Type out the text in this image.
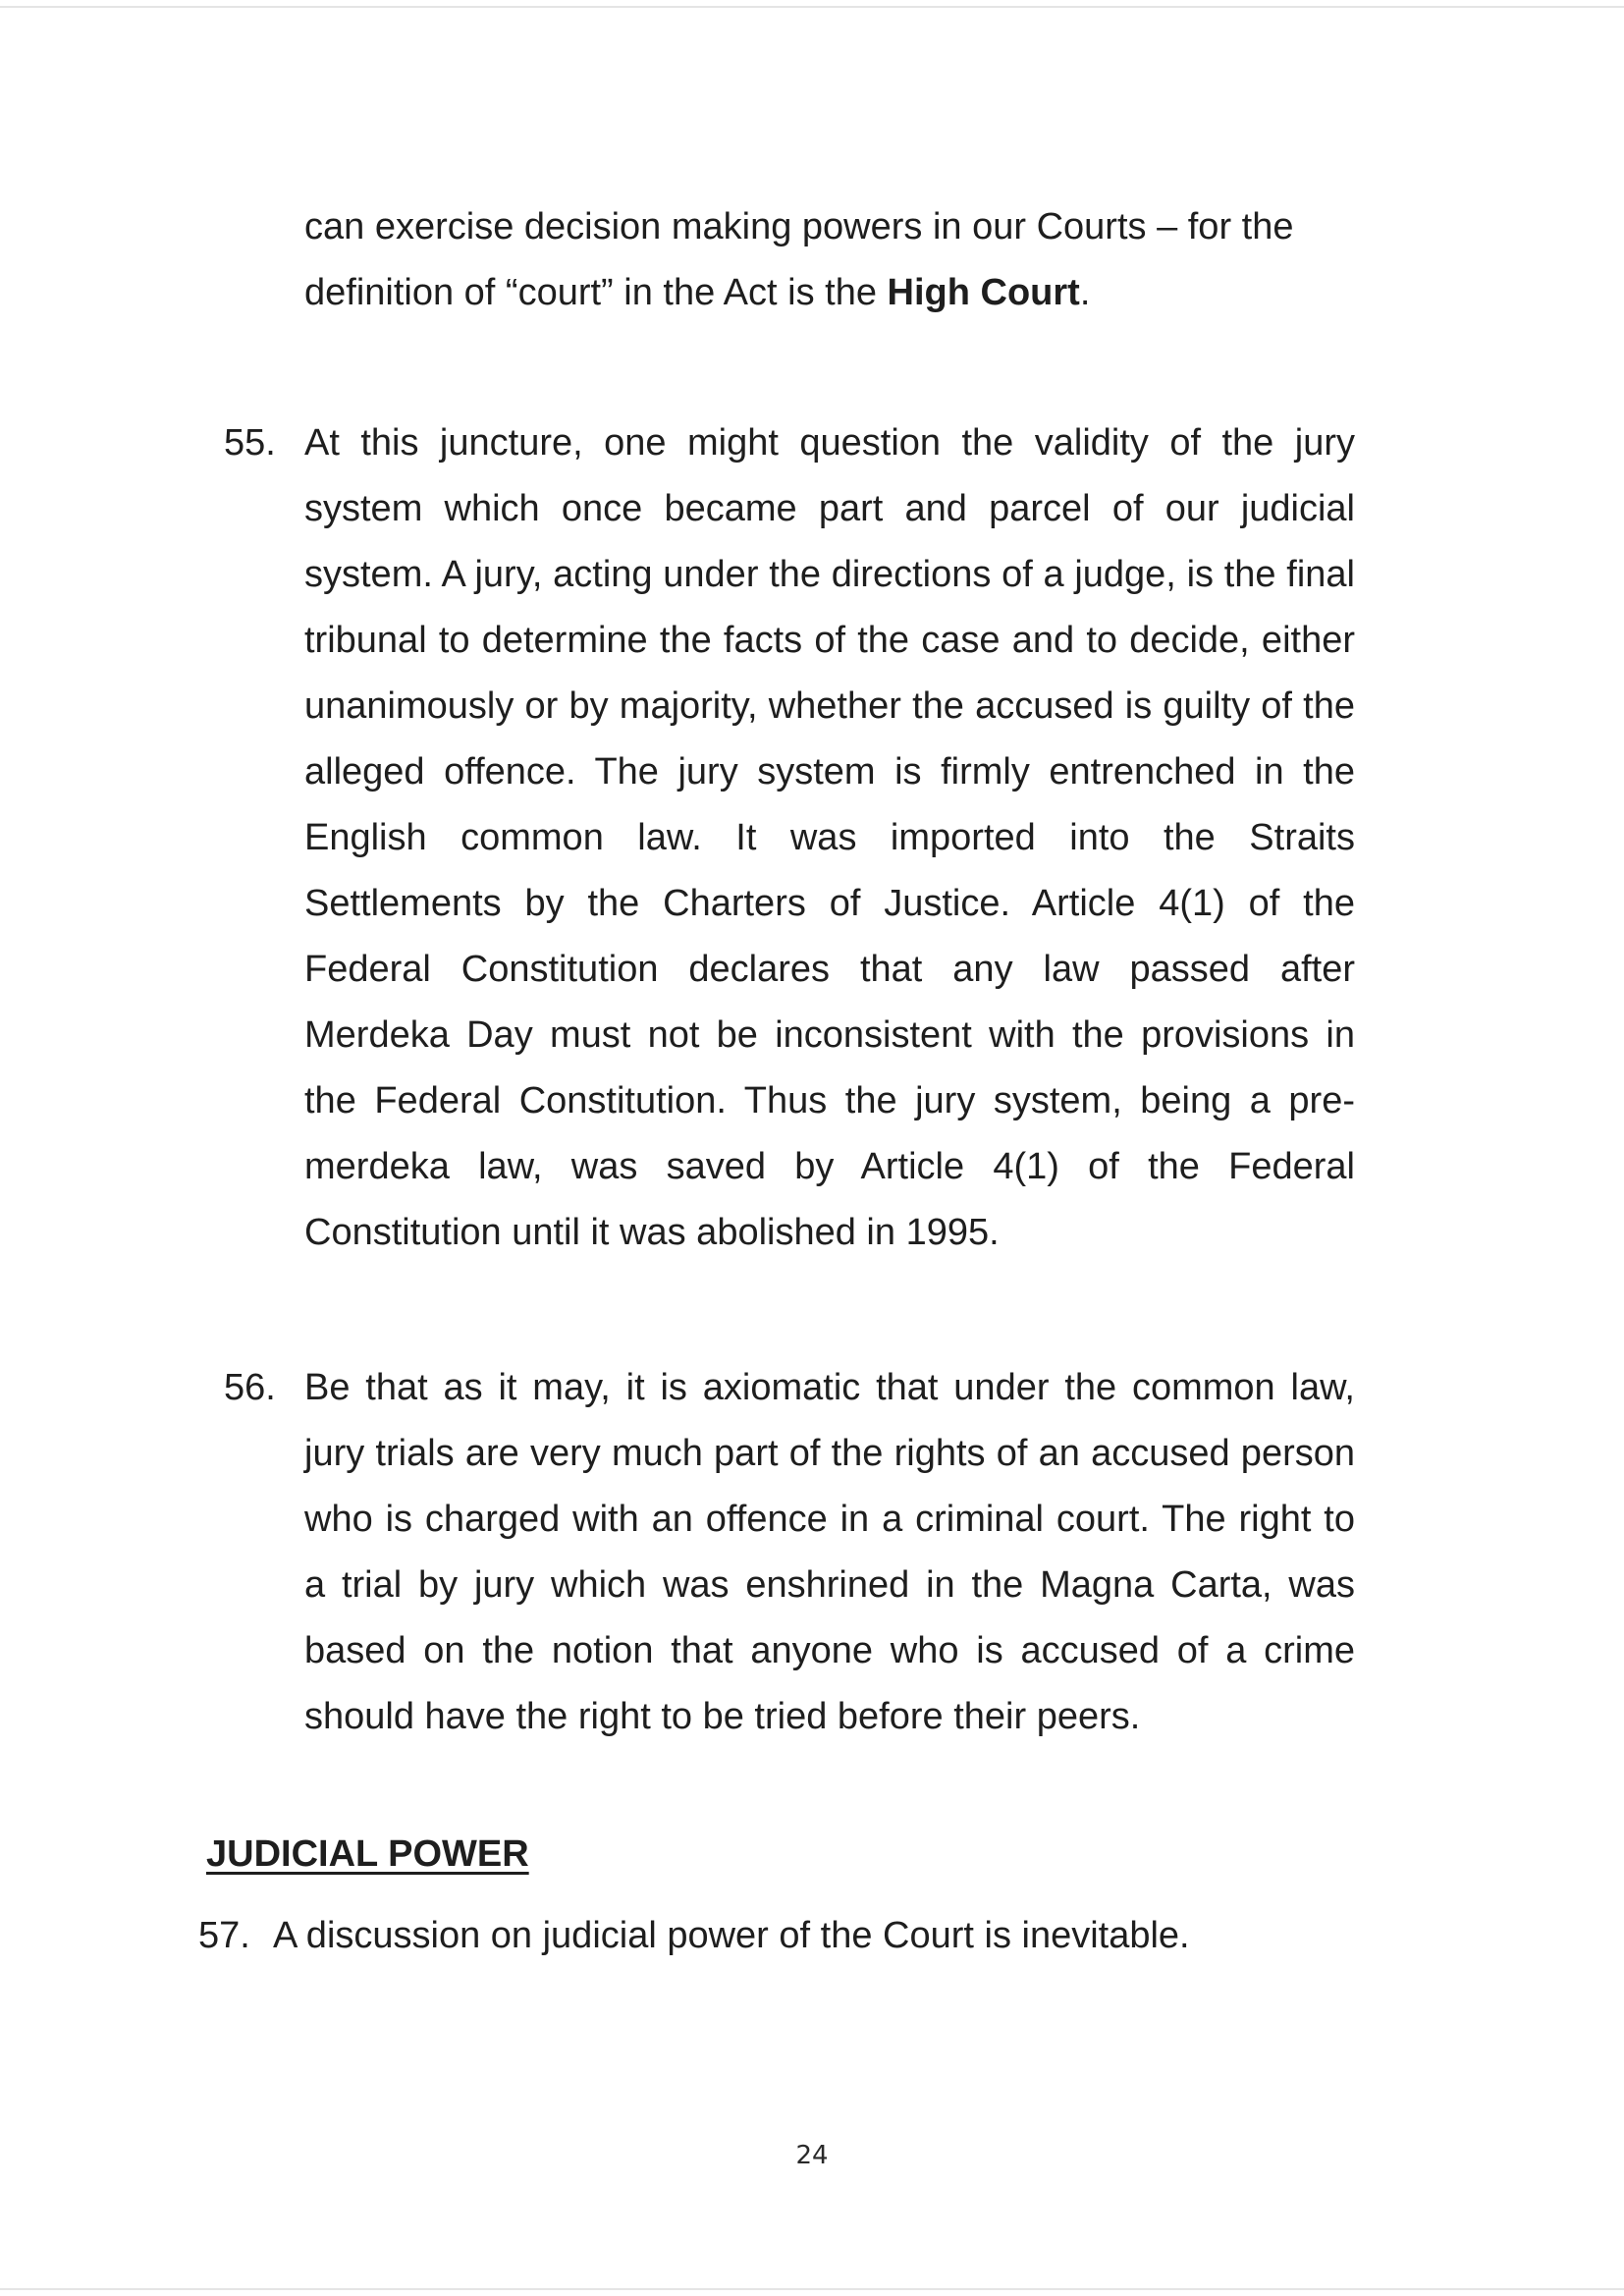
can exercise decision making powers in our Courts – for the definition of “court” in the Act is the High Court.
55. At this juncture, one might question the validity of the jury system which once became part and parcel of our judicial system. A jury, acting under the directions of a judge, is the final tribunal to determine the facts of the case and to decide, either unanimously or by majority, whether the accused is guilty of the alleged offence. The jury system is firmly entrenched in the English common law. It was imported into the Straits Settlements by the Charters of Justice. Article 4(1) of the Federal Constitution declares that any law passed after Merdeka Day must not be inconsistent with the provisions in the Federal Constitution. Thus the jury system, being a pre-merdeka law, was saved by Article 4(1) of the Federal Constitution until it was abolished in 1995.
56. Be that as it may, it is axiomatic that under the common law, jury trials are very much part of the rights of an accused person who is charged with an offence in a criminal court. The right to a trial by jury which was enshrined in the Magna Carta, was based on the notion that anyone who is accused of a crime should have the right to be tried before their peers.
JUDICIAL POWER
57. A discussion on judicial power of the Court is inevitable.
24
